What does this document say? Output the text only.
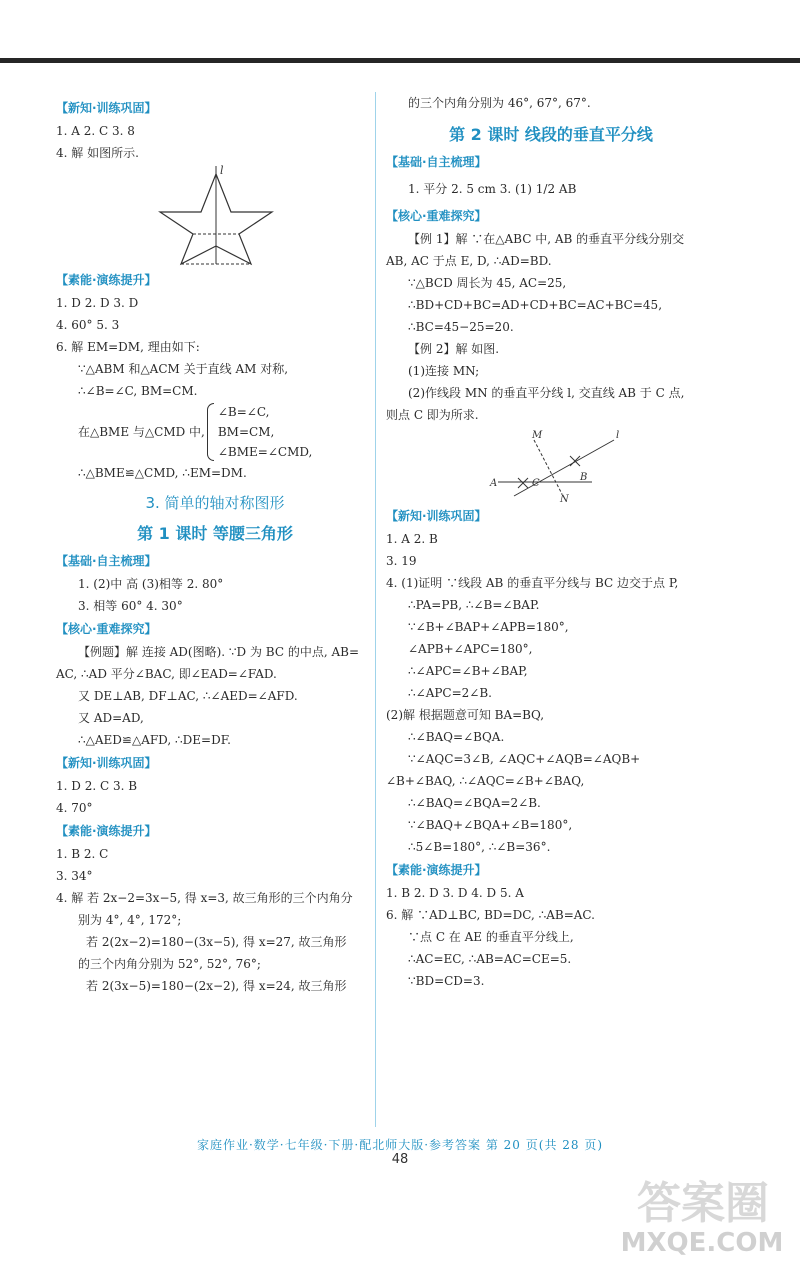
【新知·训练巩固】
1. A 2. C 3. 8
4. 解 如图所示.
l
【素能·演练提升】
1. D 2. D 3. D
4. 60° 5. 3
6. 解 EM=DM, 理由如下:
∵△ABM 和△ACM 关于直线 AM 对称,
∴∠B=∠C, BM=CM.
在△BME 与△CMD 中,
∠B=∠C,
BM=CM,
∠BME=∠CMD,
∴△BME≌△CMD, ∴EM=DM.
3. 简单的轴对称图形
第 1 课时 等腰三角形
【基础·自主梳理】
1. (2)中 高 (3)相等 2. 80°
3. 相等 60° 4. 30°
【核心·重难探究】
【例题】解 连接 AD(图略). ∵D 为 BC 的中点, AB=
AC, ∴AD 平分∠BAC, 即∠EAD=∠FAD.
又 DE⊥AB, DF⊥AC, ∴∠AED=∠AFD.
又 AD=AD,
∴△AED≌△AFD, ∴DE=DF.
【新知·训练巩固】
1. D 2. C 3. B
4. 70°
【素能·演练提升】
1. B 2. C
3. 34°
4. 解 若 2x−2=3x−5, 得 x=3, 故三角形的三个内角分
别为 4°, 4°, 172°;
若 2(2x−2)=180−(3x−5), 得 x=27, 故三角形
的三个内角分别为 52°, 52°, 76°;
若 2(3x−5)=180−(2x−2), 得 x=24, 故三角形
的三个内角分别为 46°, 67°, 67°.
第 2 课时 线段的垂直平分线
【基础·自主梳理】
1. 平分 2. 5 cm 3. (1) 1/2 AB
【核心·重难探究】
【例 1】解 ∵在△ABC 中, AB 的垂直平分线分别交
AB, AC 于点 E, D, ∴AD=BD.
∵△BCD 周长为 45, AC=25,
∴BD+CD+BC=AD+CD+BC=AC+BC=45,
∴BC=45−25=20.
【例 2】解 如图.
(1)连接 MN;
(2)作线段 MN 的垂直平分线 l, 交直线 AB 于 C 点,
则点 C 即为所求.
M	l
A	C
B
N
【新知·训练巩固】
1. A 2. B
3. 19
4. (1)证明 ∵线段 AB 的垂直平分线与 BC 边交于点 P,
∴PA=PB, ∴∠B=∠BAP.
∵∠B+∠BAP+∠APB=180°,
∠APB+∠APC=180°,
∴∠APC=∠B+∠BAP,
∴∠APC=2∠B.
(2)解 根据题意可知 BA=BQ,
∴∠BAQ=∠BQA.
∵∠AQC=3∠B, ∠AQC+∠AQB=∠AQB+
∠B+∠BAQ, ∴∠AQC=∠B+∠BAQ,
∴∠BAQ=∠BQA=2∠B.
∵∠BAQ+∠BQA+∠B=180°,
∴5∠B=180°, ∴∠B=36°.
【素能·演练提升】
1. B 2. D 3. D 4. D 5. A
6. 解 ∵AD⊥BC, BD=DC, ∴AB=AC.
∵点 C 在 AE 的垂直平分线上,
∴AC=EC, ∴AB=AC=CE=5.
∵BD=CD=3.
家庭作业·数学·七年级·下册·配北师大版·参考答案 第 20 页(共 28 页)
48
答案圈
MXQE.COM
